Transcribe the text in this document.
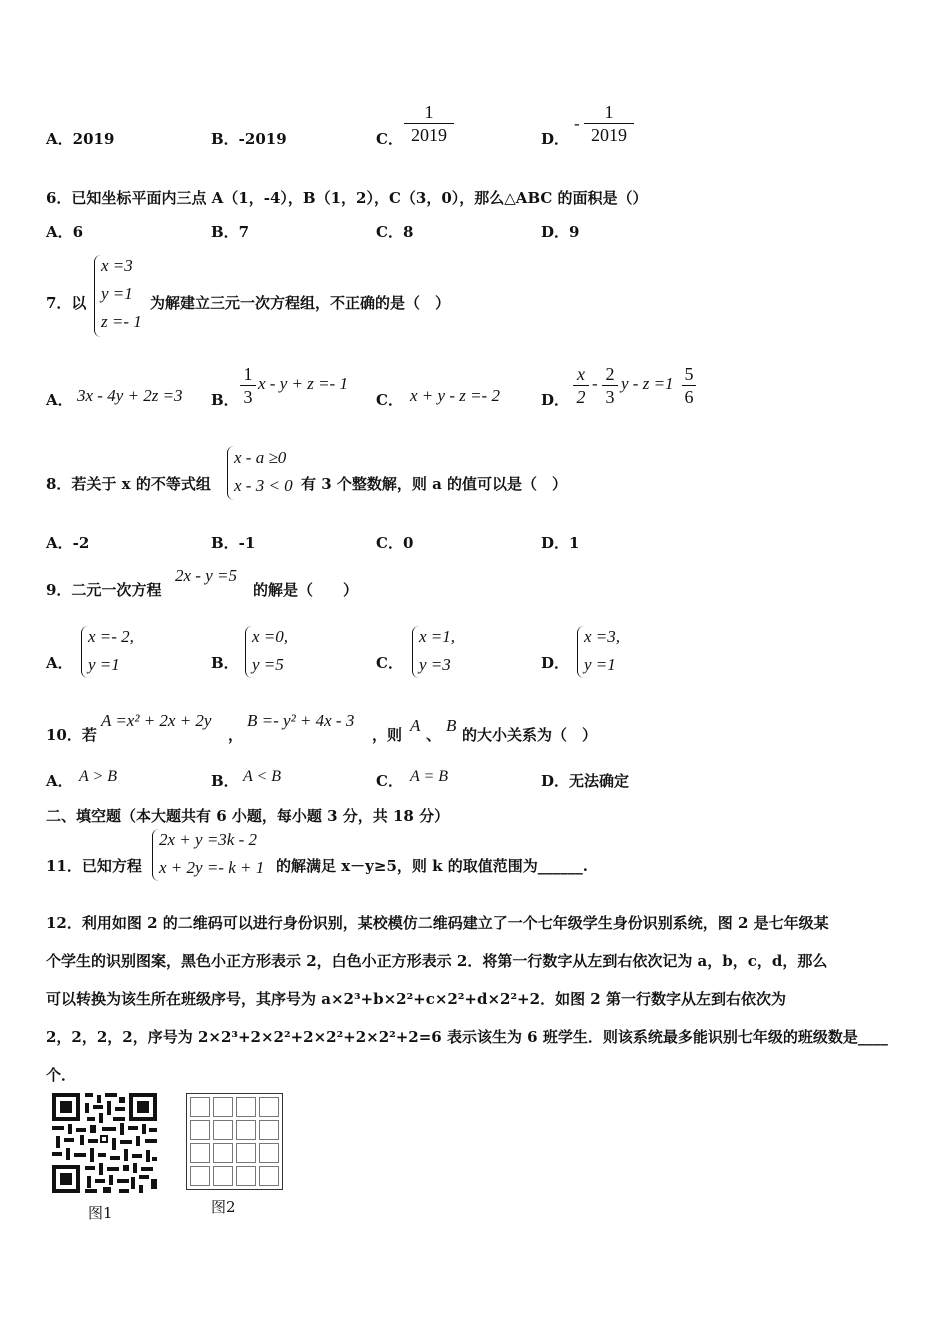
A．2019	B．-2019	C．
1
2019	D．
-
1
2019
6．已知坐标平面内三点 A（1，-4），B（1，2），C（3，0），那么△ABC 的面积是（）
A．6	B．7	C．8	D．9
7．以
x =3
y =1
z =- 1
为解建立三元一次方程组，不正确的是（　）
A． 3x - 4y + 2z =3 B．
1
3
x - y + z =- 1
C． x + y - z =- 2	D．
x
2
- 2
3
y - z =1 5
6
8．若关于 x 的不等式组
x - a ≥0
x - 3 < 0 有 3 个整数解，则 a 的值可以是（　）
A．-2	B．-1	C．0	D．1
9．二元一次方程
2x - y =5
的解是（　　）
A．
x =- 2,
y =1	B．
x =0,
y =5	C．
x =1,
y =3	D．
x =3,
y =1
10．若
A =x² + 2x + 2y
，
B =- y² + 4x - 3
，则 A 、 B 的大小关系为（　）
A． A > B	B． A < B	C． A = B	D．无法确定
二、填空题（本大题共有 6 小题，每小题 3 分，共 18 分）
11．已知方程
2x + y =3k - 2
x + 2y =- k + 1 的解满足 x－y≥5，则 k 的取值范围为______.
12．利用如图 2 的二维码可以进行身份识别，某校模仿二维码建立了一个七年级学生身份识别系统，图 2 是七年级某
个学生的识别图案，黑色小正方形表示 2，白色小正方形表示 2．将第一行数字从左到右依次记为 a，b，c，d，那么
可以转换为该生所在班级序号，其序号为 a×2³+b×2²+c×2²+d×2²+2．如图 2 第一行数字从左到右依次为
2，2，2，2，序号为 2×2³+2×2²+2×2²+2×2²+2=6 表示该生为 6 班学生．则该系统最多能识别七年级的班级数是____
个．
图1	图2
